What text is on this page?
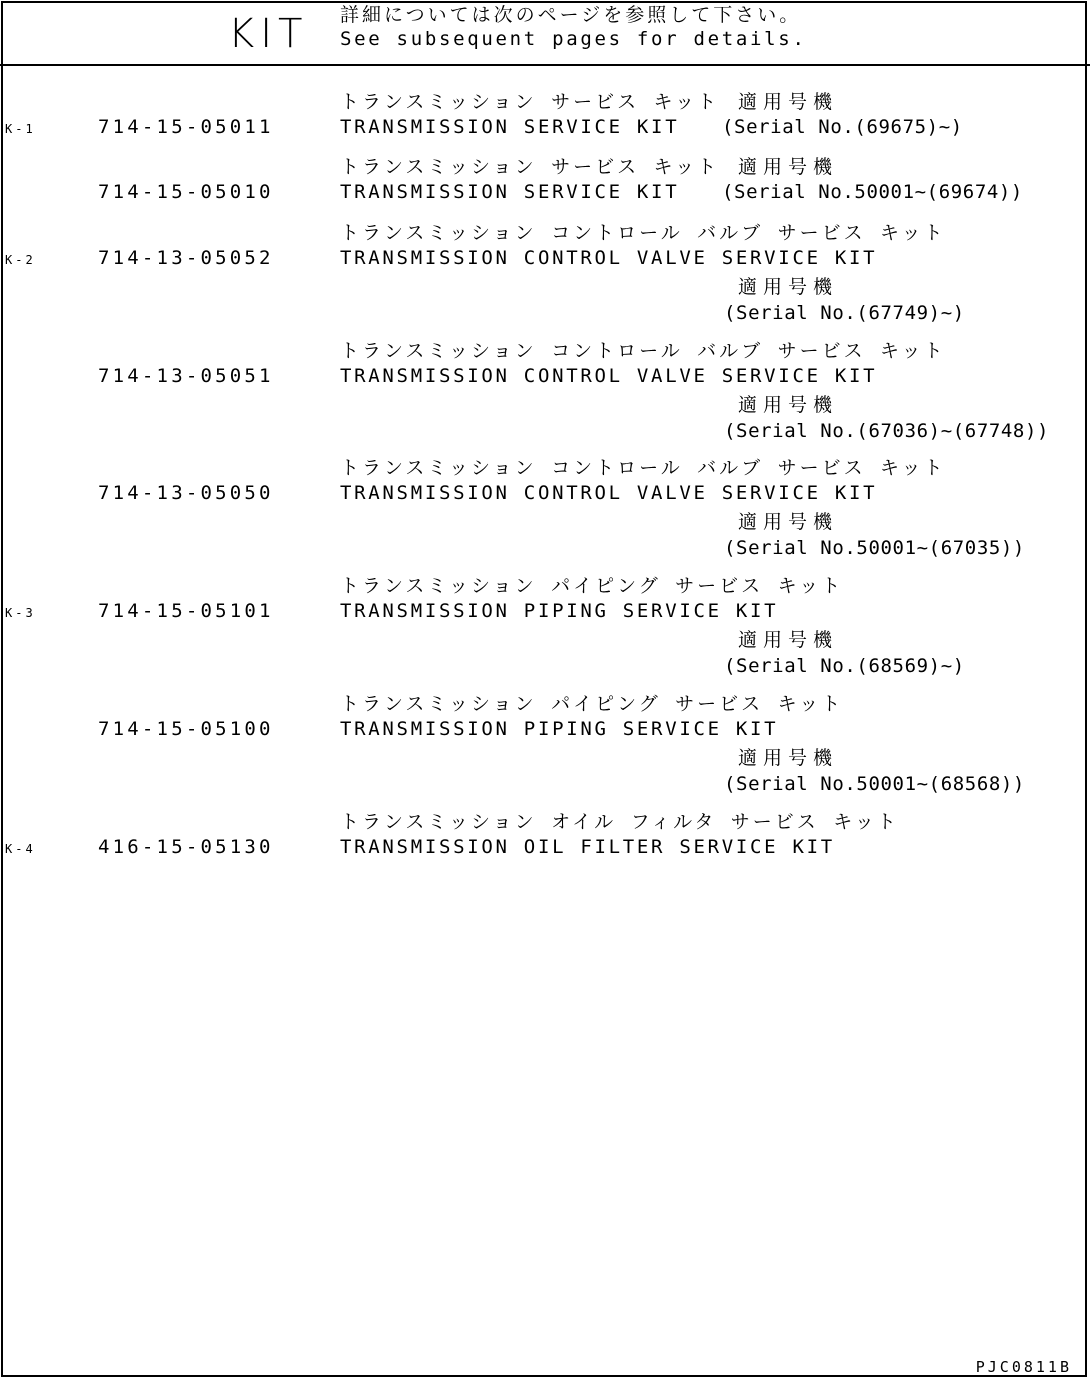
KIT 詳細については次のページを参照して下さい。
See subsequent pages for details.
K-1	714-15-05011
トランスミッション サービス キット
TRANSMISSION SERVICE KIT
適用号機
(Serial No.(69675)~)
714-15-05010
トランスミッション サービス キット
TRANSMISSION SERVICE KIT
適用号機
(Serial No.50001~(69674))
K-2	714-13-05052
トランスミッション コントロール バルブ サービス キット
TRANSMISSION CONTROL VALVE SERVICE KIT
適用号機
(Serial No.(67749)~)
714-13-05051
トランスミッション コントロール バルブ サービス キット
TRANSMISSION CONTROL VALVE SERVICE KIT
適用号機
(Serial No.(67036)~(67748))
714-13-05050
トランスミッション コントロール バルブ サービス キット
TRANSMISSION CONTROL VALVE SERVICE KIT
適用号機
(Serial No.50001~(67035))
K-3	714-15-05101
トランスミッション パイピング サービス キット
TRANSMISSION PIPING SERVICE KIT
適用号機
(Serial No.(68569)~)
714-15-05100
トランスミッション パイピング サービス キット
TRANSMISSION PIPING SERVICE KIT
適用号機
(Serial No.50001~(68568))
K-4	416-15-05130
トランスミッション オイル フィルタ サービス キット
TRANSMISSION OIL FILTER SERVICE KIT
PJC0811B
